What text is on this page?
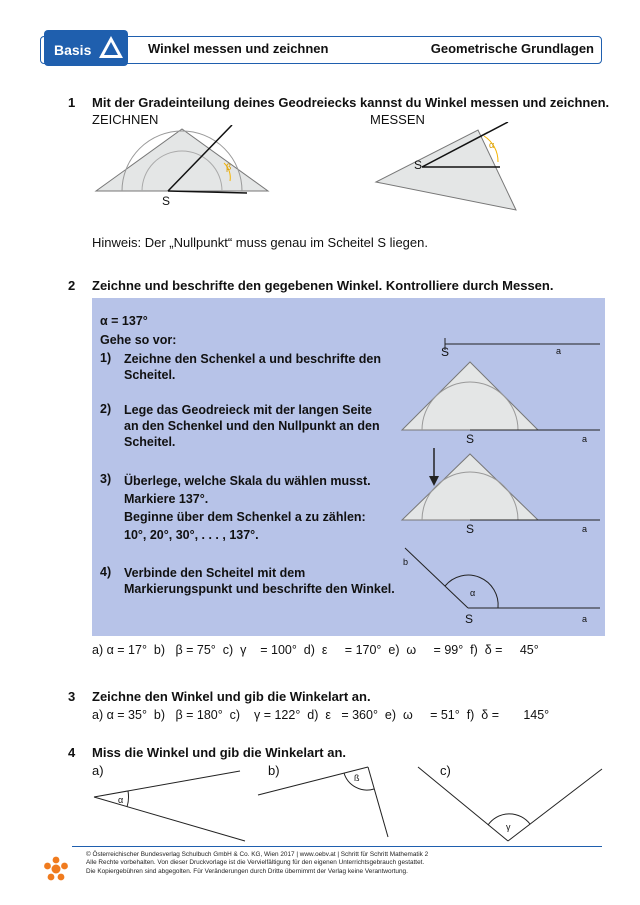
Basis	Winkel messen und zeichnen	Geometrische Grundlagen
1 Mit der Gradeinteilung deines Geodreiecks kannst du Winkel messen und zeichnen.
ZEICHNEN	MESSEN
S
β	S
α
Hinweis: Der „Nullpunkt“ muss genau im Scheitel S liegen.
2 Zeichne und beschrifte den gegebenen Winkel. Kontrolliere durch Messen.
α = 137°
Gehe so vor:
1) Zeichne den Schenkel a und beschrifte den
Scheitel.
2) Lege das Geodreieck mit der langen Seite
an den Schenkel und den Nullpunkt an den
Scheitel.
3) Überlege, welche Skala du wählen musst.
Markiere 137°.
Beginne über dem Schenkel a zu zählen:
10°, 20°, 30°, . . . , 137°.
4) Verbinde den Scheitel mit dem
Markierungspunkt und beschrifte den Winkel.
S	a
S	a
S	a
b
α
S	a
a) α = 17°  b)   β = 75°  c)  γ    = 100°  d)  ε     = 170°  e)  ω     = 99°  f)  δ =     45°
3 Zeichne den Winkel und gib die Winkelart an.
a) α = 35°  b)   β = 180°  c)    γ = 122°  d)  ε   = 360°  e)  ω     = 51°  f)  δ =       145°
4 Miss die Winkel und gib die Winkelart an.
a)	b)	c)
α
ß
γ
© Österreichischer Bundesverlag Schulbuch GmbH & Co. KG, Wien 2017 | www.oebv.at | Schritt für Schritt Mathematik 2
Alle Rechte vorbehalten. Von dieser Druckvorlage ist die Vervielfältigung für den eigenen Unterrichtsgebrauch gestattet.
Die Kopiergebühren sind abgegolten. Für Veränderungen durch Dritte übernimmt der Verlag keine Verantwortung.
